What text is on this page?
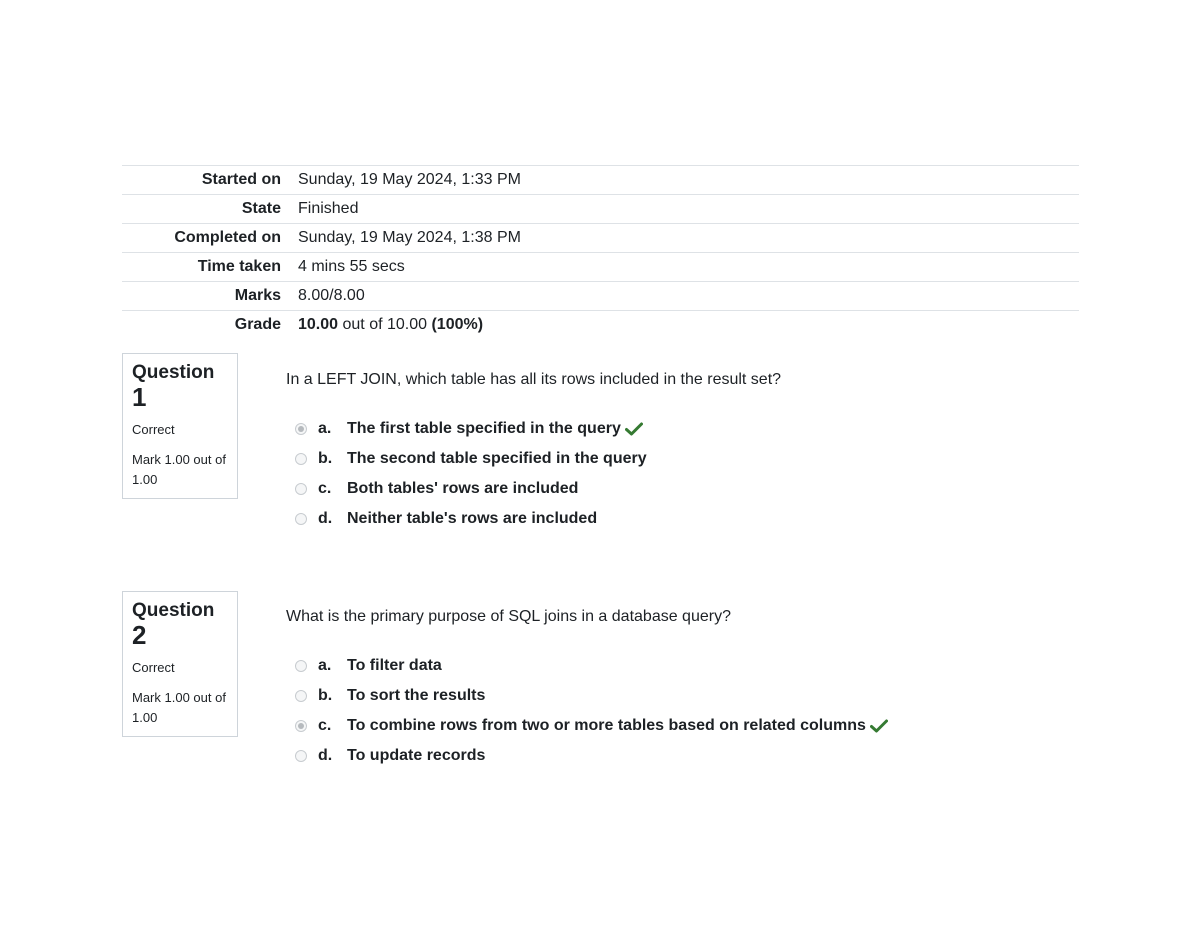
Started on	Sunday, 19 May 2024, 1:33 PM
State	Finished
Completed on	Sunday, 19 May 2024, 1:38 PM
Time taken	4 mins 55 secs
Marks	8.00/8.00
Grade	10.00 out of 10.00 (100%)
Question
1
Correct
Mark 1.00 out of 1.00
In a LEFT JOIN, which table has all its rows included in the result set?
a. The first table specified in the query
b. The second table specified in the query
c. Both tables' rows are included
d. Neither table's rows are included
Question
2
Correct
Mark 1.00 out of 1.00
What is the primary purpose of SQL joins in a database query?
a. To filter data
b. To sort the results
c. To combine rows from two or more tables based on related columns
d. To update records
